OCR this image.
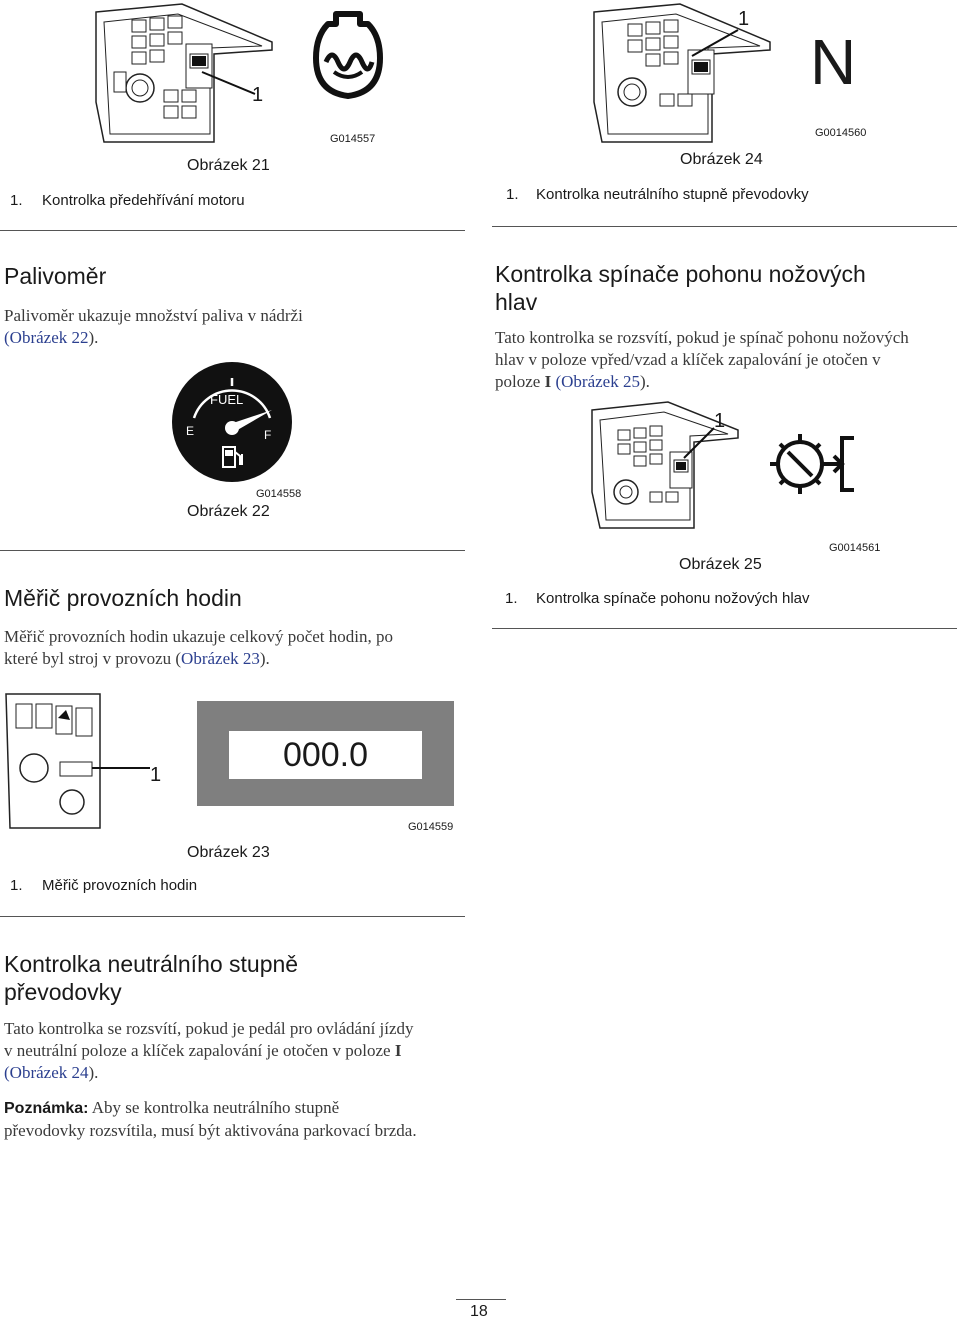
1
G014557
Obrázek 21
1. Kontrolka předehřívání motoru
1
N
G0014560
Obrázek 24
1. Kontrolka neutrálního stupně převodovky
Palivoměr
Palivoměr ukazuje množství paliva v nádrži
(Obrázek 22).
FUEL
E	F
G014558
Obrázek 22
Kontrolka spínače pohonu nožových
hlav
Tato kontrolka se rozsvítí, pokud je spínač pohonu nožových
hlav v poloze vpřed/vzad a klíček zapalování je otočen v
poloze I (Obrázek 25).
1
G0014561
Obrázek 25
1. Kontrolka spínače pohonu nožových hlav
Měřič provozních hodin
Měřič provozních hodin ukazuje celkový počet hodin, po
které byl stroj v provozu (Obrázek 23).
1
000.0
G014559
Obrázek 23
1. Měřič provozních hodin
Kontrolka neutrálního stupně
převodovky
Tato kontrolka se rozsvítí, pokud je pedál pro ovládání jízdy
v neutrální poloze a klíček zapalování je otočen v poloze I
(Obrázek 24).
Poznámka: Aby se kontrolka neutrálního stupně
převodovky rozsvítila, musí být aktivována parkovací brzda.
18
